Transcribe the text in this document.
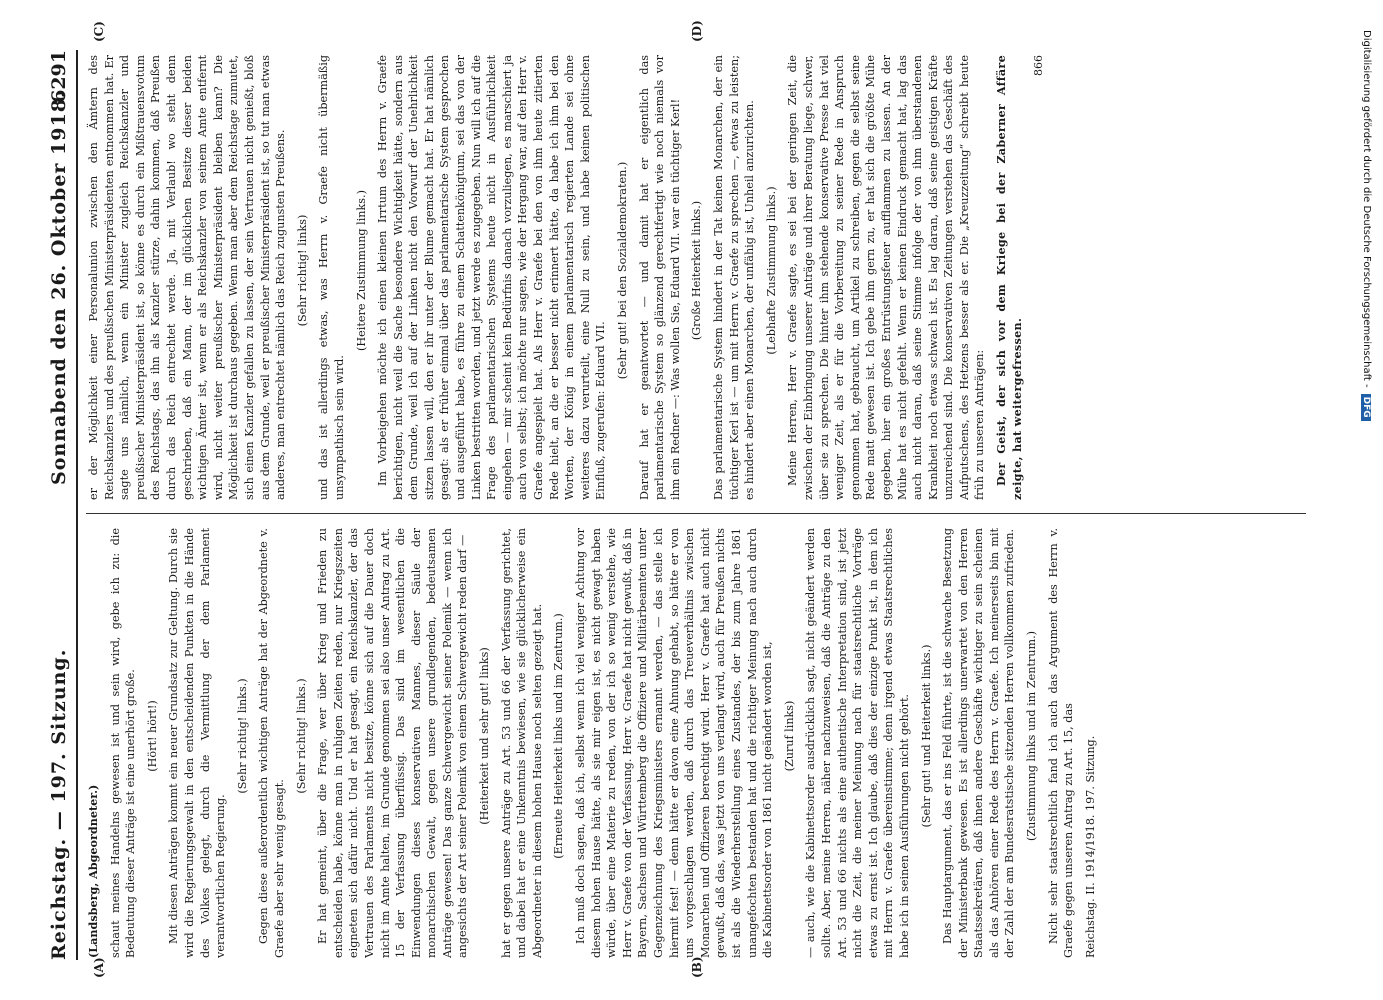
Reichstag. — 197. Sitzung.
Sonnabend den 26. Oktober 1918.
6291
(A)	(B)
(C)	(D)

(Landsberg, Abgeordneter.) schaut meines Handelns gewesen ist und sein wird, gebe ich zu: die Bedeutung dieser Anträge ist eine unerhört große. (Hört! hört!) Mit diesen Anträgen kommt ein neuer Grundsatz zur Geltung. Durch sie wird die Regierungsgewalt in den entscheidenden Punkten in die Hände des Volkes gelegt, durch die Vermittlung der dem Parlament verantwortlichen Regierung.

(Sehr richtig! links.) Gegen diese außerordentlich wichtigen Anträge hat der Abgeordnete v. Graefe aber sehr wenig gesagt.

(Sehr richtig! links.) Er hat gemeint, über die Frage, wer über Krieg und Frieden zu entscheiden habe, könne man in ruhigen Zeiten reden, nur Kriegszeiten eigneten sich dafür nicht. Und er hat gesagt, ein Reichskanzler, der das Vertrauen des Parlaments nicht besitze, könne sich auf die Dauer doch nicht im Amte halten, im Grunde genommen sei also unser Antrag zu Art. 15 der Verfassung überflüssig. Das sind im wesentlichen die Einwendungen dieses konservativen Mannes, dieser Säule der monarchischen Gewalt, gegen unsere grundlegenden, bedeutsamen Anträge gewesen! Das ganze Schwergewicht seiner Polemik — wenn ich angesichts der Art seiner Polemik von einem Schwergewicht reden darf — (Heiterkeit und sehr gut! links) hat er gegen unsere Anträge zu Art. 53 und 66 der Verfassung gerichtet, und dabei hat er eine Unkenntnis bewiesen, wie sie glücklicherweise ein Abgeordneter in diesem hohen Hause noch selten gezeigt hat. (Erneute Heiterkeit links und im Zentrum.) Ich muß doch sagen, daß ich, selbst wenn ich viel weniger Achtung vor diesem hohen Hause hätte, als sie mir eigen ist, es nicht gewagt haben würde, über eine Materie zu reden, von der ich so wenig verstehe, wie Herr v. Graefe von der Verfassung. Herr v. Graefe hat nicht gewußt, daß in Bayern, Sachsen und Württemberg die Offiziere und Militärbeamten unter Gegenzeichnung des Kriegsministers ernannt werden, — das stelle ich hiermit fest! — denn hätte er davon eine Ahnung gehabt, so hätte er von uns vorgeschlagen werden, daß durch das Treueverhältnis zwischen Monarchen und Offizieren berechtigt wird. Herr v. Graefe hat auch nicht gewußt, daß das, was jetzt von uns verlangt wird, auch für Preußen nichts ist als die Wiederherstellung eines Zustandes, der bis zum Jahre 1861 unangefochten bestanden hat und die richtiger Meinung nach auch durch die Kabinettsorder von 1861 nicht geändert worden ist, (Zuruf links) — auch, wie die Kabinettsorder ausdrücklich sagt, nicht geändert werden sollte. Aber, meine Herren, näher nachzuweisen, daß die Anträge zu den Art. 53 und 66 nichts als eine authentische Interpretation sind, ist jetzt nicht die Zeit, die meiner Meinung nach für staatsrechtliche Vorträge etwas zu ernst ist. Ich glaube, daß dies der einzige Punkt ist, in dem ich mit Herrn v. Graefe übereinstimme; denn irgend etwas Staatsrechtliches habe ich in seinen Ausführungen nicht gehört. (Sehr gut! und Heiterkeit links.) Das Hauptargument, das er ins Feld führte, ist die schwache Besetzung der Ministerbank gewesen. Es ist allerdings unerwartet von den Herren Staatssekretären, daß ihnen andere Geschäfte wichtiger zu sein scheinen als das Anhören einer Rede des Herrn v. Graefe. Ich meinerseits bin mit der Zahl der am Bundesratstische sitzenden Herren vollkommen zufrieden. (Zustimmung links und im Zentrum.) Nicht sehr staatsrechtlich fand ich auch das Argument des Herrn v. Graefe gegen unseren Antrag zu Art. 15, das Reichstag. II. 1914/1918. 197. Sitzung.

er der Möglichkeit einer Personalunion zwischen den Ämtern des Reichskanzlers und des preußischen Ministerpräsidenten entnommen hat. Er sagte uns nämlich, wenn ein Minister zugleich Reichskanzler und preußischer Ministerpräsident ist, so könne es durch ein Mißtrauensvotum des Reichstags, das ihn als Kanzler stürze, dahin kommen, daß Preußen durch das Reich entrechtet werde. Ja, mit Verlaub! wo steht denn geschrieben, daß ein Mann, der im glücklichen Besitze dieser beiden wichtigen Ämter ist, wenn er als Reichskanzler von seinem Amte entfernt wird, nicht weiter preußischer Ministerpräsident bleiben kann? Die Möglichkeit ist durchaus gegeben. Wenn man aber dem Reichstage zumutet, sich einen Kanzler gefallen zu lassen, der sein Vertrauen nicht genießt, bloß aus dem Grunde, weil er preußischer Ministerpräsident ist, so tut man etwas anderes, man entrechtet nämlich das Reich zugunsten Preußens. (Sehr richtig! links) und das ist allerdings etwas, was Herrn v. Graefe nicht übermäßig unsympathisch sein wird.

(Heitere Zustimmung links.) Im Vorbeigehen möchte ich einen kleinen Irrtum des Herrn v. Graefe berichtigen, nicht weil die Sache besondere Wichtigkeit hätte, sondern aus dem Grunde, weil ich auf der Linken nicht den Vorwurf der Unehrlichkeit sitzen lassen will, den er ihr unter der Blume gemacht hat. Er hat nämlich gesagt: als er früher einmal über das parlamentarische System gesprochen und ausgeführt habe, es führe zu einem Schattenkönigtum, sei das von der Linken bestritten worden, und jetzt werde es zugegeben. Nun will ich auf die Frage des parlamentarischen Systems heute nicht in Ausführlichkeit eingehen — mir scheint kein Bedürfnis danach vorzuliegen, es marschiert ja auch von selbst; ich möchte nur sagen, wie der Hergang war, auf den Herr v. Graefe angespielt hat. Als Herr v. Graefe bei den von ihm heute zitierten Rede hielt, an die er besser nicht erinnert hätte, da habe ich ihm bei den Worten, der König in einem parlamentarisch regierten Lande sei ohne weiteres dazu verurteilt, eine Null zu sein, und habe keinen politischen Einfluß, zugerufen: Eduard VII.

(Sehr gut! bei den Sozialdemokraten.) Darauf hat er geantwortet — und damit hat er eigentlich das parlamentarische System so glänzend gerechtfertigt wie noch niemals vor ihm ein Redner —: Was wollen Sie, Eduard VII. war ein tüchtiger Kerl! (Große Heiterkeit links.) Das parlamentarische System hindert in der Tat keinen Monarchen, der ein tüchtiger Kerl ist — um mit Herrn v. Graefe zu sprechen —, etwas zu leisten; es hindert aber einen Monarchen, der unfähig ist, Unheil anzurichten. (Lebhafte Zustimmung links.) Meine Herren, Herr v. Graefe sagte, es sei bei der geringen Zeit, die zwischen der Einbringung unserer Anträge und ihrer Beratung liege, schwer, über sie zu sprechen. Die hinter ihm stehende konservative Presse hat viel weniger Zeit, als er für die Vorbereitung zu seiner Rede in Anspruch genommen hat, gebraucht, um Artikel zu schreiben, gegen die selbst seine Rede matt gewesen ist. Ich gebe ihm gern zu, er hat sich die größte Mühe gegeben, hier ein großes Entrüstungsfeuer aufflammen zu lassen. An der Mühe hat es nicht gefehlt. Wenn er keinen Eindruck gemacht hat, lag das auch nicht daran, daß seine Stimme infolge der von ihm überstandenen Krankheit noch etwas schwach ist. Es lag daran, daß seine geistigen Kräfte unzureichend sind. Die konservativen Zeitungen verstehen das Geschäft des Aufputschens, des Hetzens besser als er. Die „Kreuzzeitung“ schreibt heute früh zu unseren Anträgen: Der Geist, der sich vor dem Kriege bei der Zaberner Affäre zeigte, hat weitergefressen.

866	Digitalisierung gefördert durch die Deutsche Forschungsgemeinschaft -DFG
